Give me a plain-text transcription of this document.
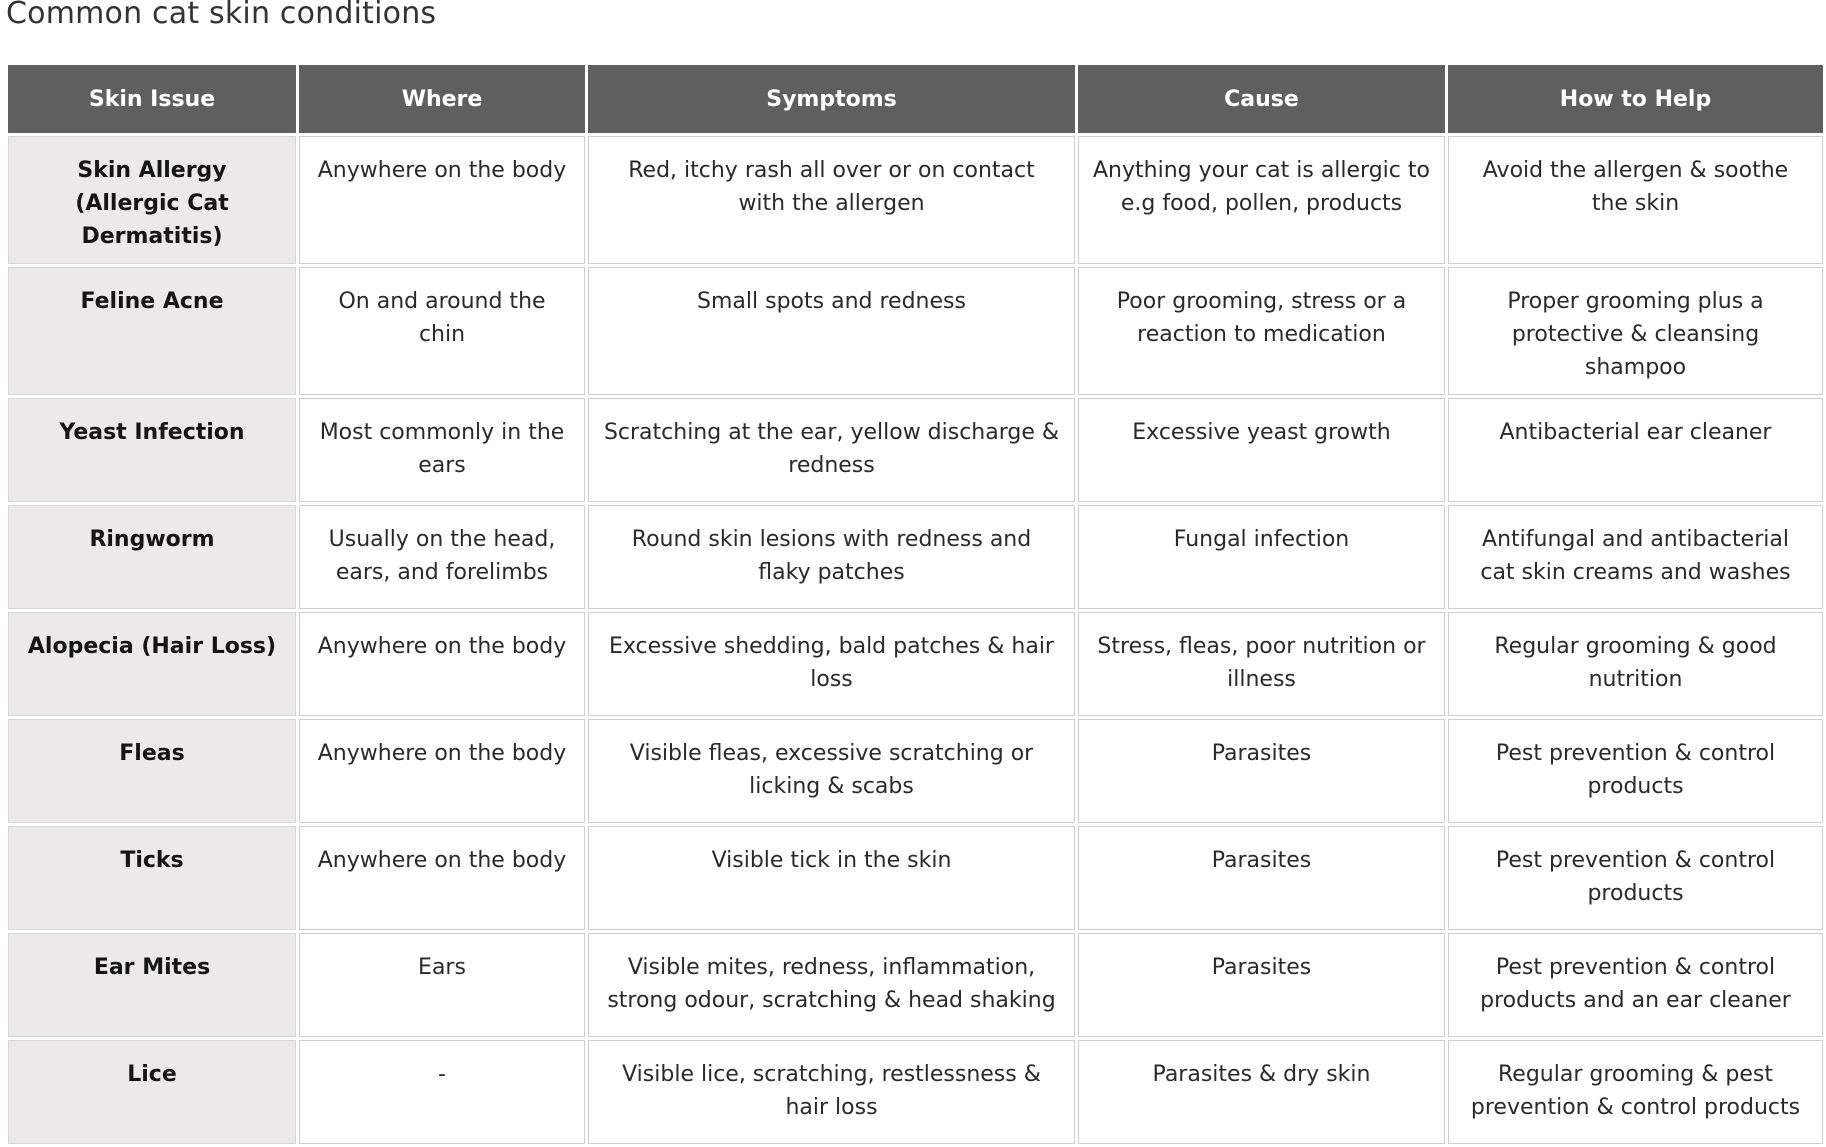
Common cat skin conditions
Skin Issue	Where	Symptoms	Cause	How to Help
Skin Allergy (Allergic Cat Dermatitis)	Anywhere on the body	Red, itchy rash all over or on contact with the allergen	Anything your cat is allergic to e.g food, pollen, products	Avoid the allergen & soothe the skin
Feline Acne	On and around the chin	Small spots and redness	Poor grooming, stress or a reaction to medication	Proper grooming plus a protective & cleansing shampoo
Yeast Infection	Most commonly in the ears	Scratching at the ear, yellow discharge & redness	Excessive yeast growth	Antibacterial ear cleaner
Ringworm	Usually on the head, ears, and forelimbs	Round skin lesions with redness and flaky patches	Fungal infection	Antifungal and antibacterial cat skin creams and washes
Alopecia (Hair Loss)	Anywhere on the body	Excessive shedding, bald patches & hair loss	Stress, fleas, poor nutrition or illness	Regular grooming & good nutrition
Fleas	Anywhere on the body	Visible fleas, excessive scratching or licking & scabs	Parasites	Pest prevention & control products
Ticks	Anywhere on the body	Visible tick in the skin	Parasites	Pest prevention & control products
Ear Mites	Ears	Visible mites, redness, inflammation, strong odour, scratching & head shaking	Parasites	Pest prevention & control products and an ear cleaner
Lice	-	Visible lice, scratching, restlessness & hair loss	Parasites & dry skin	Regular grooming & pest prevention & control products
